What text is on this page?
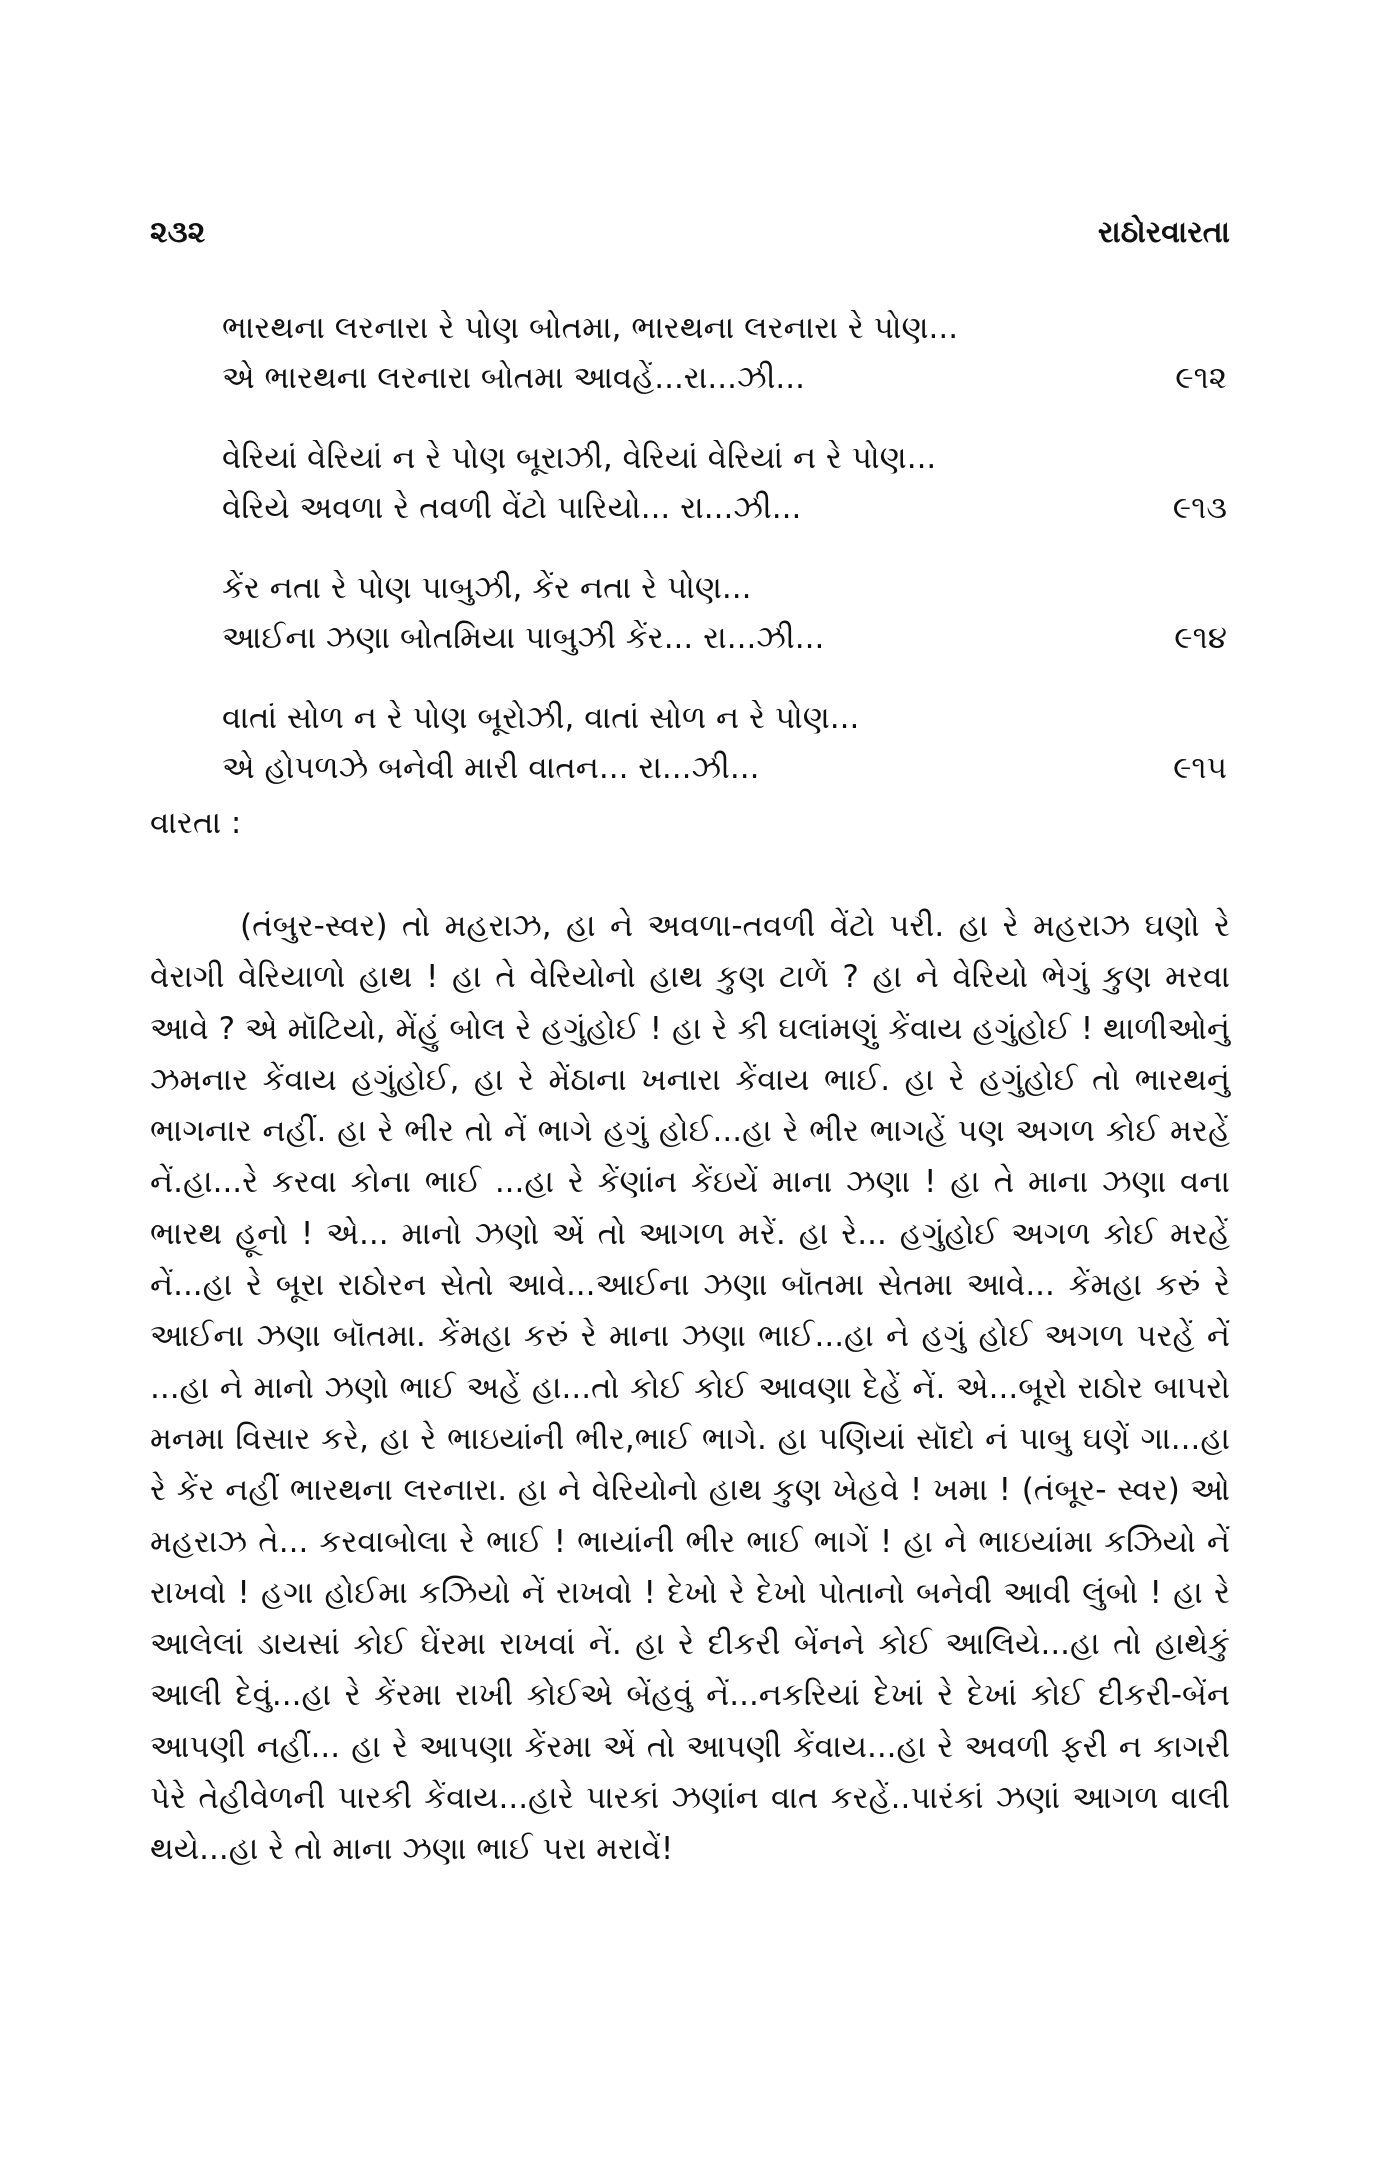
૨૩૨	રાઠોરવારતા
ભારથના લરનારા રે પોણ બોતમા, ભારથના લરનારા રે પોણ...
એ ભારથના લરનારા બોતમા આવહેં...રા...ઝી...	૯૧૨
વેરિયાં વેરિયાં ન રે પોણ બૂરાઝી, વેરિયાં વેરિયાં ન રે પોણ...
વેરિયે અવળા રે તવળી વેંટો પારિયો... રા...ઝી...	૯૧૩
કેંર નતા રે પોણ પાબુઝી, કેંર નતા રે પોણ...
આઈના ઝણા બોતમિયા પાબુઝી કેંર... રા...ઝી...	૯૧૪
વાતાં સોળ ન રે પોણ બૂરોઝી, વાતાં સોળ ન રે પોણ...
એ હોપળઝે બનેવી મારી વાતન... રા...ઝી...	૯૧૫
વારતા :

(તંબુર-સ્વર) તો મહરાઝ, હા ને અવળા-તવળી વેંટો પરી. હા રે મહરાઝ ઘણો રે વેરાગી વેરિયાળો હાથ ! હા તે વેરિયોનો હાથ કુણ ટાળેં ? હા ને વેરિયો ભેગું કુણ મરવા આવે ? એ મૉટિયો, મેંહું બોલ રે હગુંહોઈ ! હા રે કી ઘલાંમણું કેંવાય હગુંહોઈ ! થાળીઓનું ઝમનાર કેંવાય હગુંહોઈ, હા રે મેંઠાના ખનારા કેંવાય ભાઈ. હા રે હગુંહોઈ તો ભારથનું ભાગનાર નહીં. હા રે ભીર તો નેં ભાગે હગું હોઈ...હા રે ભીર ભાગહેં પણ અગળ કોઈ મરહેં નેં.હા...રે કરવા કોના ભાઈ ...હા રે કેંણાંન કેંઇયેં માના ઝણા ! હા તે માના ઝણા વના ભારથ હૂનો ! એ... માનો ઝણો એં તો આગળ મરેં. હા રે... હગુંહોઈ અગળ કોઈ મરહેં નેં...હા રે બૂરા રાઠોરન સેતો આવે...આઈના ઝણા બૉતમા સેતમા આવે... કેંમહા કરું રે આઈના ઝણા બૉતમા. કેંમહા કરું રે માના ઝણા ભાઈ...હા ને હગું હોઈ અગળ પરહેં નેં ...હા ને માનો ઝણો ભાઈ અહેં હા...તો કોઈ કોઈ આવણા દેહેં નેં. એ...બૂરો રાઠોર બાપરો મનમા વિસાર કરે, હા રે ભાઇયાંની ભીર,ભાઈ ભાગે. હા પણિયાં સૉદો નં પાબુ ઘણેં ગા...હા રે કેંર નહીં ભારથના લરનારા. હા ને વેરિયોનો હાથ કુણ ખેહવે ! ખમા ! (તંબૂર- સ્વર) ઓ મહરાઝ તે... કરવાબોલા રે ભાઈ ! ભાયાંની ભીર ભાઈ ભાગેં ! હા ને ભાઇયાંમા કઝિયો નેં રાખવો ! હગા હોઈમા કઝિયો નેં રાખવો ! દેખો રે દેખો પોતાનો બનેવી આવી લુંબો ! હા રે આલેલાં ડાયસાં કોઈ ઘેંરમા રાખવાં નેં. હા રે દીકરી બેંનને કોઈ આલિયે...હા તો હાથેકું આલી દેવું...હા રે કેંરમા રાખી કોઈએ બેંહવું નેં...નકરિયાં દેખાં રે દેખાં કોઈ દીકરી-બેંન આપણી નહીં... હા રે આપણા કેંરમા એં તો આપણી કેંવાય...હા રે અવળી ફરી ન કાગરી પેરે તેહીવેળની પારકી કેંવાય...હારે પારકાં ઝણાંન વાત કરહેં..પારંકાં ઝણાં આગળ વાલી થયે...હા રે તો માના ઝણા ભાઈ પરા મરાવેં!
